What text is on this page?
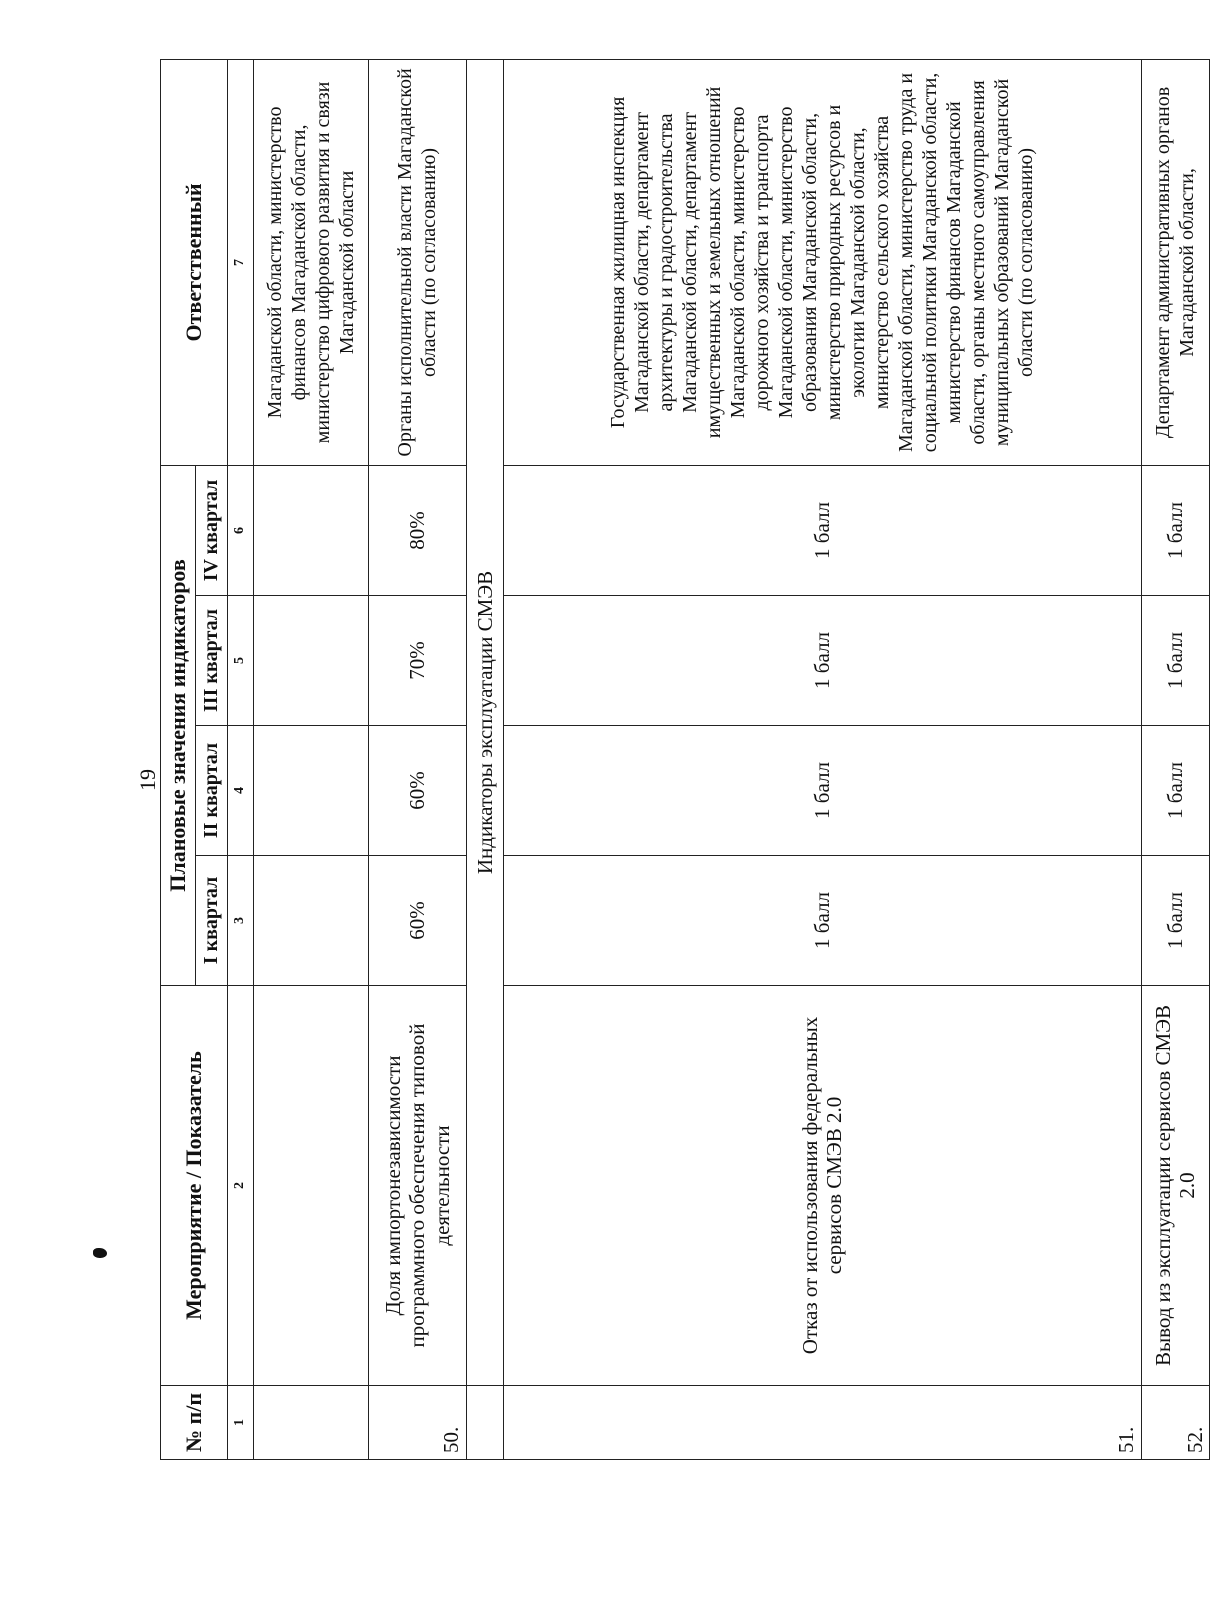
19
№ п/п	Мероприятие / Показатель	Плановые значения индикаторов				Ответственный
		I квартал	II квартал	III квартал	IV квартал	
1	2	3	4	5	6	7
						Магаданской области, министерство финансов Магаданской области, министерство цифрового развития и связи Магаданской области
50.	Доля импортонезависимости программного обеспечения типовой деятельности	60%	60%	70%	80%	Органы исполнительной власти Магаданской области (по согласованию)
	Индикаторы эксплуатации СМЭВ					
51.	Отказ от использования федеральных сервисов СМЭВ 2.0	1 балл	1 балл	1 балл	1 балл	Государственная жилищная инспекция Магаданской области, департамент архитектуры и градостроительства Магаданской области, департамент имущественных и земельных отношений Магаданской области, министерство дорожного хозяйства и транспорта Магаданской области, министерство образования Магаданской области, министерство природных ресурсов и экологии Магаданской области, министерство сельского хозяйства Магаданской области, министерство труда и социальной политики Магаданской области, министерство финансов Магаданской области, органы местного самоуправления муниципальных образований Магаданской области (по согласованию)
52.	Вывод из эксплуатации сервисов СМЭВ 2.0	1 балл	1 балл	1 балл	1 балл	Департамент административных органов Магаданской области,
